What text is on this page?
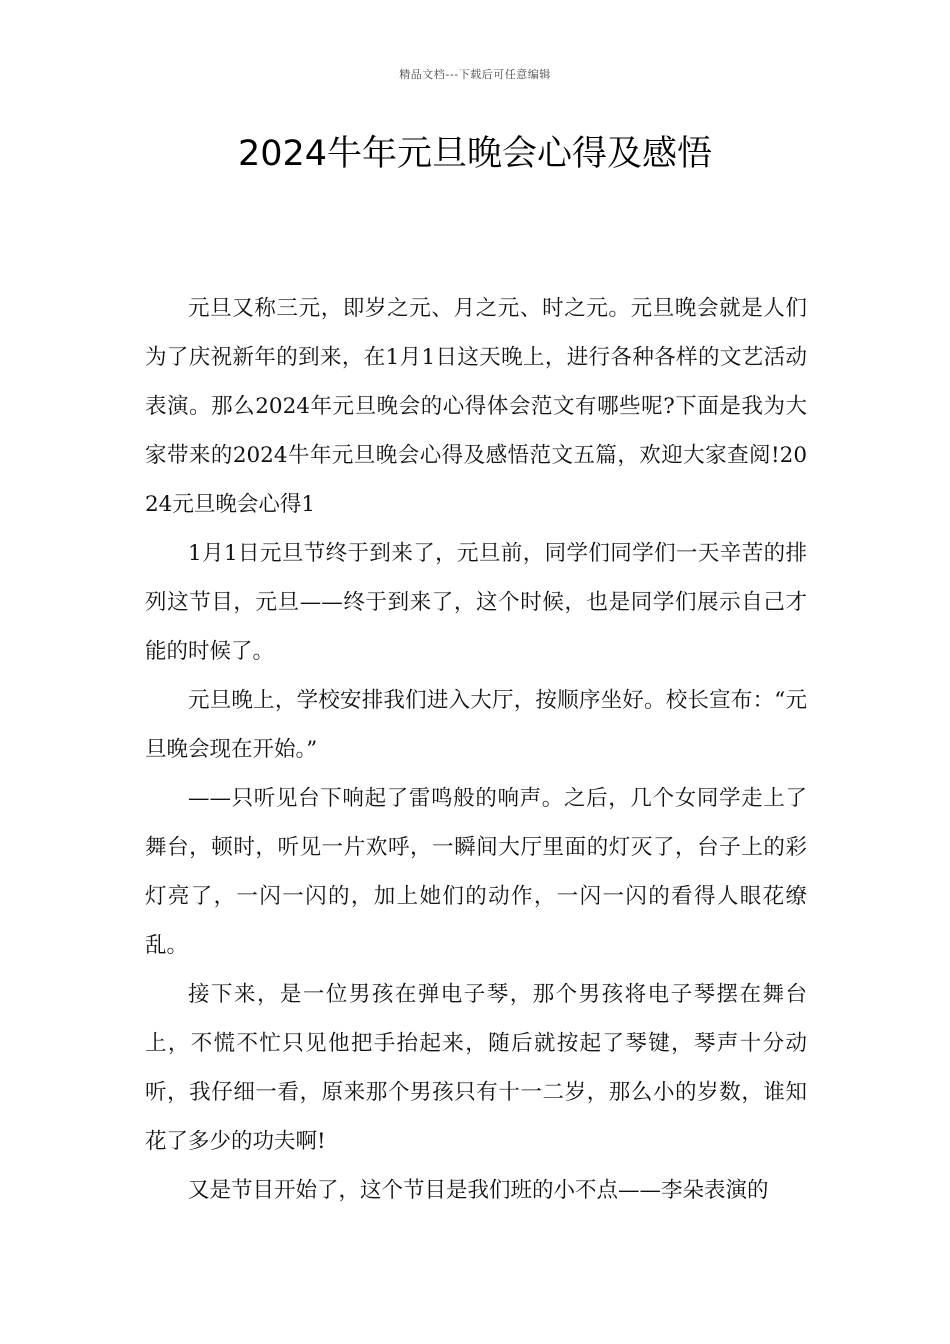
精品文档---下载后可任意编辑
2024牛年元旦晚会心得及感悟

元旦又称三元，即岁之元、月之元、时之元。元旦晚会就是人们为了庆祝新年的到来，在1月1日这天晚上，进行各种各样的文艺活动表演。那么2024年元旦晚会的心得体会范文有哪些呢?下面是我为大家带来的2024牛年元旦晚会心得及感悟范文五篇，欢迎大家查阅!2024元旦晚会心得1

1月1日元旦节终于到来了，元旦前，同学们同学们一天辛苦的排列这节目，元旦——终于到来了，这个时候，也是同学们展示自己才能的时候了。

元旦晚上，学校安排我们进入大厅，按顺序坐好。校长宣布：“元旦晚会现在开始。”

——只听见台下响起了雷鸣般的响声。之后，几个女同学走上了舞台，顿时，听见一片欢呼，一瞬间大厅里面的灯灭了，台子上的彩灯亮了，一闪一闪的，加上她们的动作，一闪一闪的看得人眼花缭乱。

接下来，是一位男孩在弹电子琴，那个男孩将电子琴摆在舞台上，不慌不忙只见他把手抬起来，随后就按起了琴键，琴声十分动听，我仔细一看，原来那个男孩只有十一二岁，那么小的岁数，谁知花了多少的功夫啊!

又是节目开始了，这个节目是我们班的小不点——李朵表演的
